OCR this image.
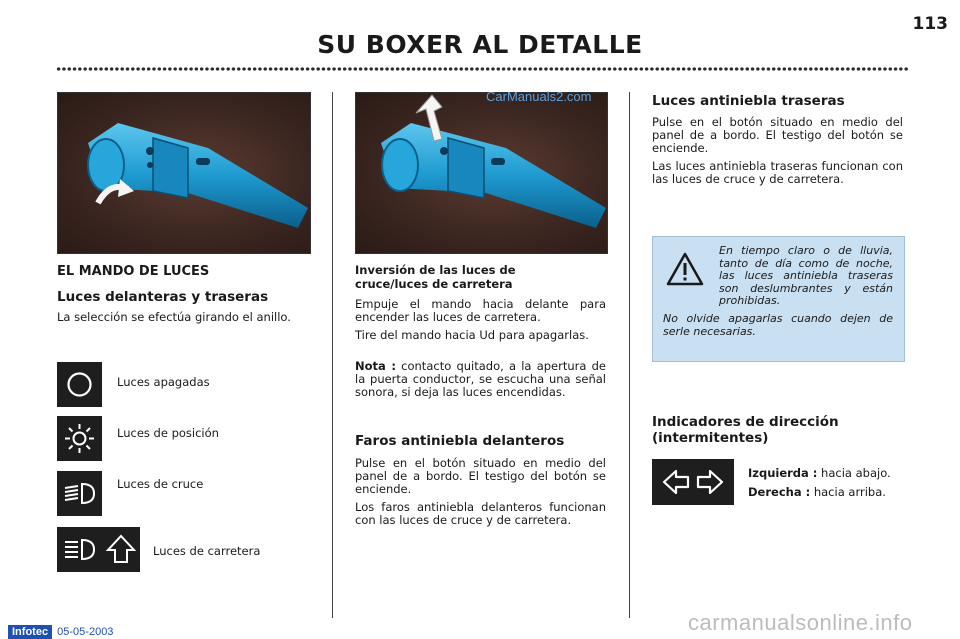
SU BOXER AL DETALLE
113
CarManuals2.com
EL MANDO DE LUCES
Luces delanteras y traseras

La selección se efectúa girando el anillo.

Luces apagadas
Luces de posición
Luces de cruce
Luces de carretera
Inversión de las luces de
cruce/luces de carretera

Empuje el mando hacia delante para encender las luces de carretera.

Tire del mando hacia Ud para apagarlas.

Nota : contacto quitado, a la apertura de la puerta conductor, se escucha una señal sonora, si deja las luces encendidas.

Faros antiniebla delanteros

Pulse en el botón situado en medio del panel de a bordo. El testigo del botón se enciende.

Los faros antiniebla delanteros funcionan con las luces de cruce y de carretera.

Luces antiniebla traseras

Pulse en el botón situado en medio del panel de a bordo. El testigo del botón se enciende.

Las luces antiniebla traseras funcionan con las luces de cruce y de carretera.

En tiempo claro o de lluvia, tanto de día como de noche, las luces antiniebla traseras son deslumbrantes y están prohibidas.
No olvide apagarlas cuando dejen de serle necesarias.
Indicadores de dirección
(intermitentes)
Izquierda : hacia abajo.
Derecha : hacia arriba.
Infotec 05-05-2003	carmanualsonline.info
